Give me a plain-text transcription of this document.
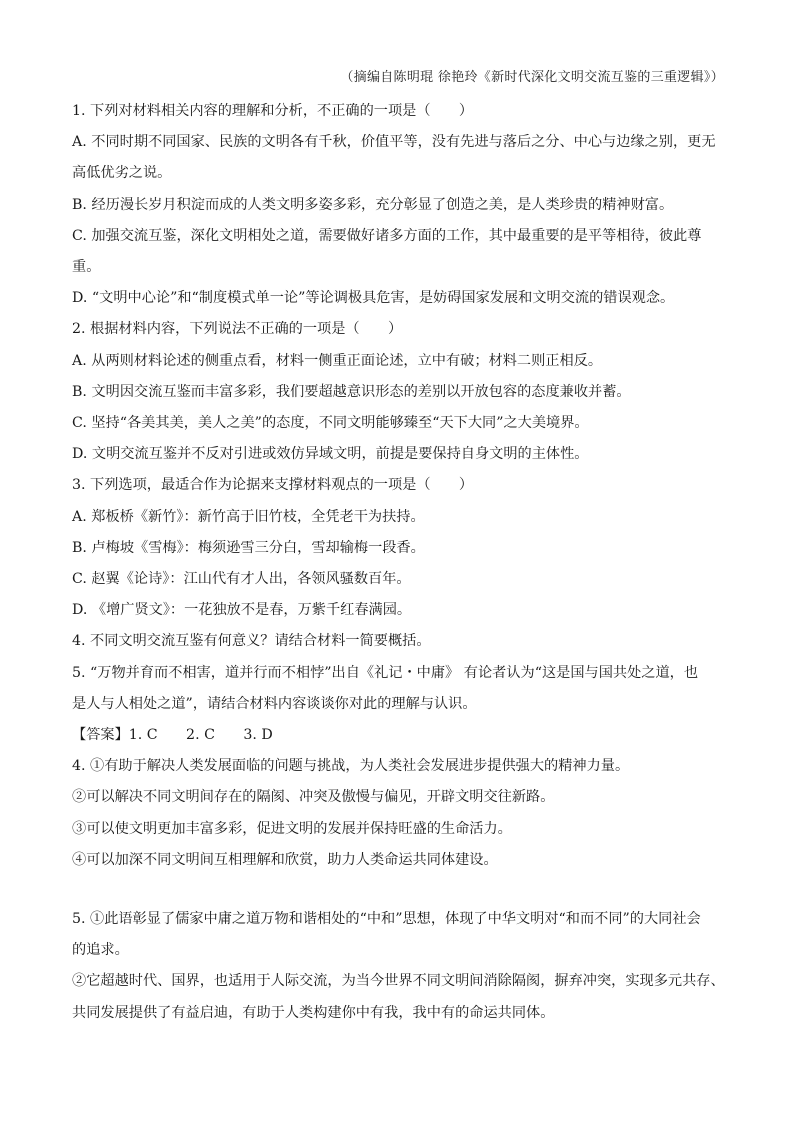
（摘编自陈明琨 徐艳玲《新时代深化文明交流互鉴的三重逻辑》）
1. 下列对材料相关内容的理解和分析，不正确的一项是（　　）
A. 不同时期不同国家、民族的文明各有千秋，价值平等，没有先进与落后之分、中心与边缘之别，更无
高低优劣之说。
B. 经历漫长岁月积淀而成的人类文明多姿多彩，充分彰显了创造之美，是人类珍贵的精神财富。
C. 加强交流互鉴，深化文明相处之道，需要做好诸多方面的工作，其中最重要的是平等相待，彼此尊
重。
D. “文明中心论”和“制度模式单一论”等论调极具危害，是妨碍国家发展和文明交流的错误观念。
2. 根据材料内容，下列说法不正确的一项是（　　）
A. 从两则材料论述的侧重点看，材料一侧重正面论述，立中有破；材料二则正相反。
B. 文明因交流互鉴而丰富多彩，我们要超越意识形态的差别以开放包容的态度兼收并蓄。
C. 坚持“各美其美，美人之美”的态度，不同文明能够臻至“天下大同”之大美境界。
D. 文明交流互鉴并不反对引进或效仿异域文明，前提是要保持自身文明的主体性。
3. 下列选项，最适合作为论据来支撑材料观点的一项是（　　）
A. 郑板桥《新竹》：新竹高于旧竹枝，全凭老干为扶持。
B. 卢梅坡《雪梅》：梅须逊雪三分白，雪却输梅一段香。
C. 赵翼《论诗》：江山代有才人出，各领风骚数百年。
D. 《增广贤文》：一花独放不是春，万紫千红春满园。
4. 不同文明交流互鉴有何意义？请结合材料一简要概括。
5. “万物并育而不相害，道并行而不相悖”出自《礼记・中庸》 有论者认为“这是国与国共处之道，也
是人与人相处之道”，请结合材料内容谈谈你对此的理解与认识。
【答案】1. C　　2. C　　3. D
4. ①有助于解决人类发展面临的问题与挑战，为人类社会发展进步提供强大的精神力量。
②可以解决不同文明间存在的隔阂、冲突及傲慢与偏见，开辟文明交往新路。
③可以使文明更加丰富多彩，促进文明的发展并保持旺盛的生命活力。
④可以加深不同文明间互相理解和欣赏，助力人类命运共同体建设。
5. ①此语彰显了儒家中庸之道万物和谐相处的“中和”思想，体现了中华文明对“和而不同”的大同社会
的追求。
②它超越时代、国界，也适用于人际交流，为当今世界不同文明间消除隔阂，摒弃冲突，实现多元共存、
共同发展提供了有益启迪，有助于人类构建你中有我，我中有的命运共同体。
